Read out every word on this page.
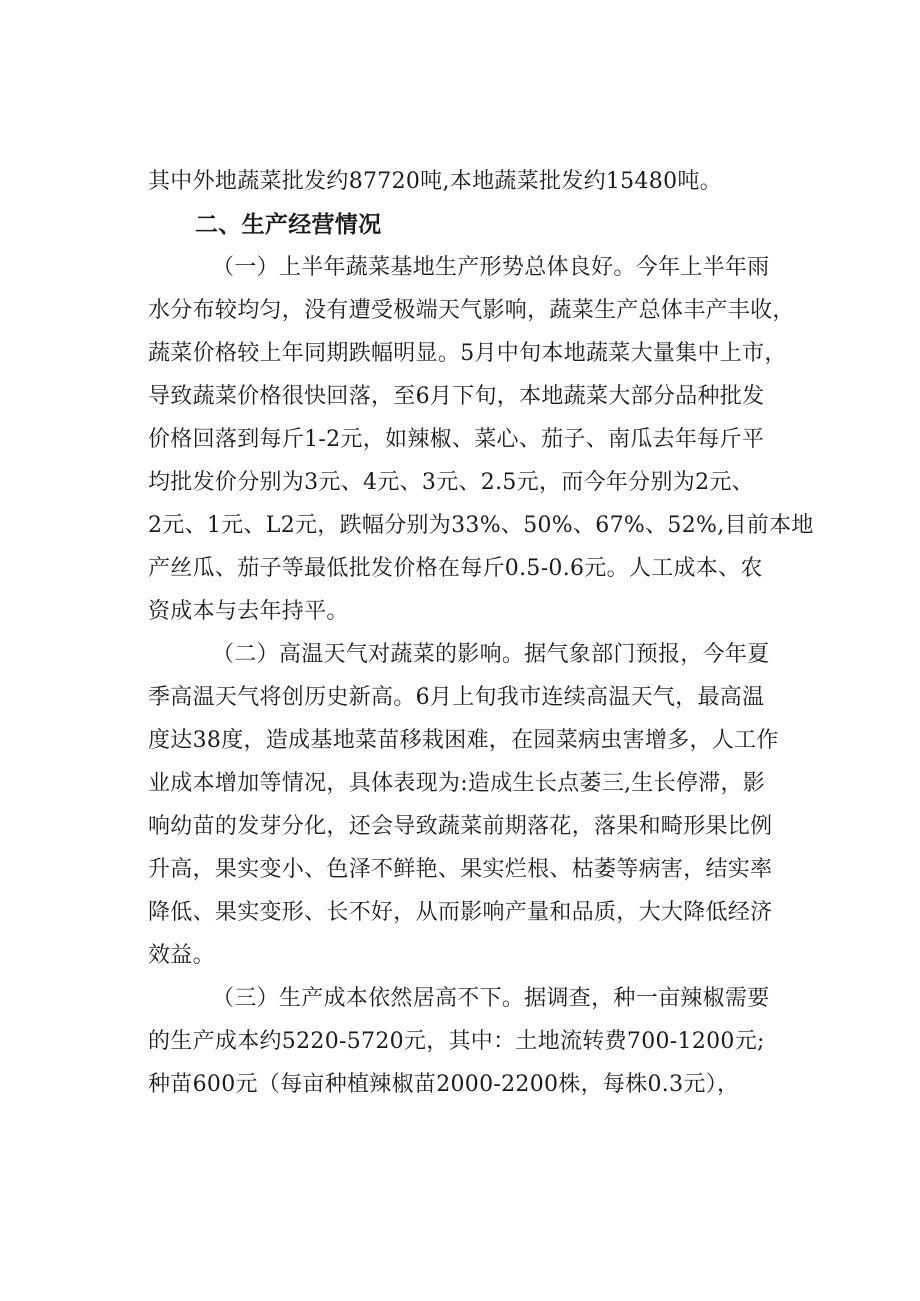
其中外地蔬菜批发约87720吨,本地蔬菜批发约15480吨。
二、生产经营情况
（一）上半年蔬菜基地生产形势总体良好。今年上半年雨
水分布较均匀，没有遭受极端天气影响，蔬菜生产总体丰产丰收，
蔬菜价格较上年同期跌幅明显。5月中旬本地蔬菜大量集中上市，
导致蔬菜价格很快回落，至6月下旬，本地蔬菜大部分品种批发
价格回落到每斤1-2元，如辣椒、菜心、茄子、南瓜去年每斤平
均批发价分别为3元、4元、3元、2.5元，而今年分别为2元、
2元、1元、L2元，跌幅分别为33%、50%、67%、52%,目前本地
产丝瓜、茄子等最低批发价格在每斤0.5-0.6元。人工成本、农
资成本与去年持平。
（二）高温天气对蔬菜的影响。据气象部门预报，今年夏
季高温天气将创历史新高。6月上旬我市连续高温天气，最高温
度达38度，造成基地菜苗移栽困难，在园菜病虫害增多，人工作
业成本增加等情况，具体表现为:造成生长点萎三,生长停滞，影
响幼苗的发芽分化，还会导致蔬菜前期落花，落果和畸形果比例
升高，果实变小、色泽不鲜艳、果实烂根、枯萎等病害，结实率
降低、果实变形、长不好，从而影响产量和品质，大大降低经济
效益。
（三）生产成本依然居高不下。据调查，种一亩辣椒需要
的生产成本约5220-5720元，其中：土地流转费700-1200元;
种苗600元（每亩种植辣椒苗2000-2200株，每株0.3元），
